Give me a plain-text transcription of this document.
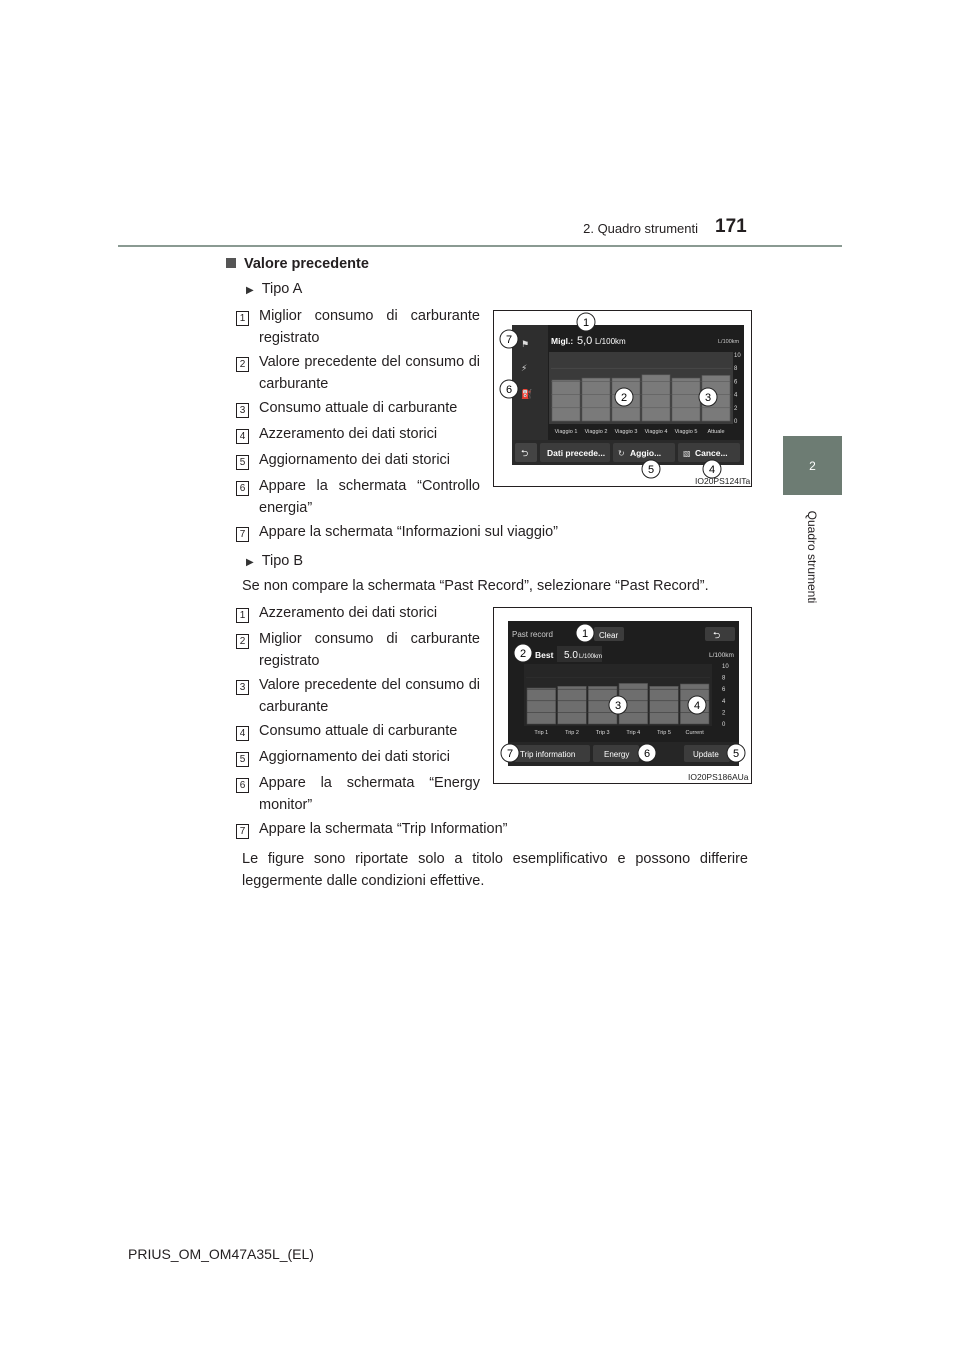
2. Quadro strumenti 171
2
Quadro strumenti
Valore precedente
▶ Tipo A
1 Miglior consumo di carburante registrato
2 Valore precedente del consumo di carburante
3 Consumo attuale di carburante
4 Azzeramento dei dati storici
5 Aggiornamento dei dati storici
6 Appare la schermata “Controllo energia”
7 Appare la schermata “Informazioni sul viaggio”
⚑
⚡
⛽
Migl.: 5,0 L/100km	L/100km
10
8
6
4
2
0
Viaggio 1 Viaggio 2 Viaggio 3 Viaggio 4 Viaggio 5 Attuale
⮌ Dati precede... ↻ Aggio...	▧ Cance...
1
2	3
4
5
6
7
IO20PS124ITa
▶ Tipo B
Se non compare la schermata “Past Record”, selezionare “Past Record”.
1 Azzeramento dei dati storici
2 Miglior consumo di carburante registrato
3 Valore precedente del consumo di carburante
4 Consumo attuale di carburante
5 Aggiornamento dei dati storici
6 Appare la schermata “Energy monitor”
7 Appare la schermata “Trip Information”
Past record	Clear	⮌
Best 5.0 L/100km	L/100km
10
8
6
4
2
0
Trip 1	Trip 2	Trip 3	Trip 4	Trip 5	Current
Trip information	Energy	Update
1
2
3	4
5
6
7
IO20PS186AUa
Le figure sono riportate solo a titolo esemplificativo e possono differire leggermente dalle condizioni effettive.
PRIUS_OM_OM47A35L_(EL)
